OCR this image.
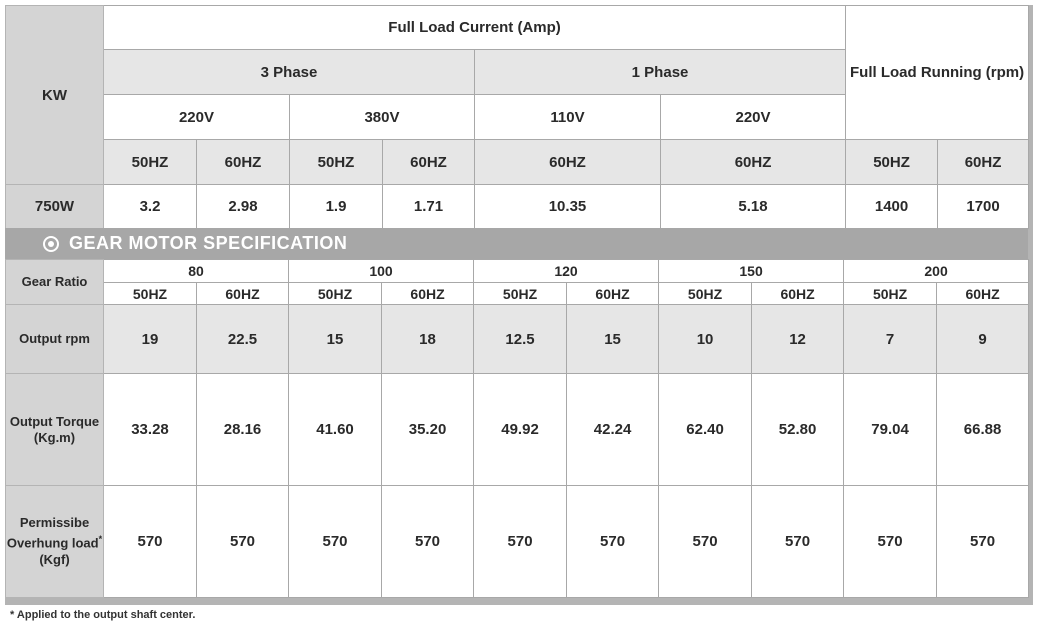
KW	Full Load Current (Amp)						Full Load Running (rpm)	
	3 Phase				1 Phase			
	220V		380V		110V	220V		
	50HZ	60HZ	50HZ	60HZ	60HZ	60HZ	50HZ	60HZ
750W	3.2	2.98	1.9	1.71	10.35	5.18	1400	1700
GEAR MOTOR SPECIFICATION
Gear Ratio	80		100		120		150		200	
	50HZ	60HZ	50HZ	60HZ	50HZ	60HZ	50HZ	60HZ	50HZ	60HZ
Output rpm	19	22.5	15	18	12.5	15	10	12	7	9
Output Torque
(Kg.m)	33.28	28.16	41.60	35.20	49.92	42.24	62.40	52.80	79.04	66.88
Permissibe
Overhung load*
(Kgf)	570	570	570	570	570	570	570	570	570	570
* Applied to the output shaft center.
